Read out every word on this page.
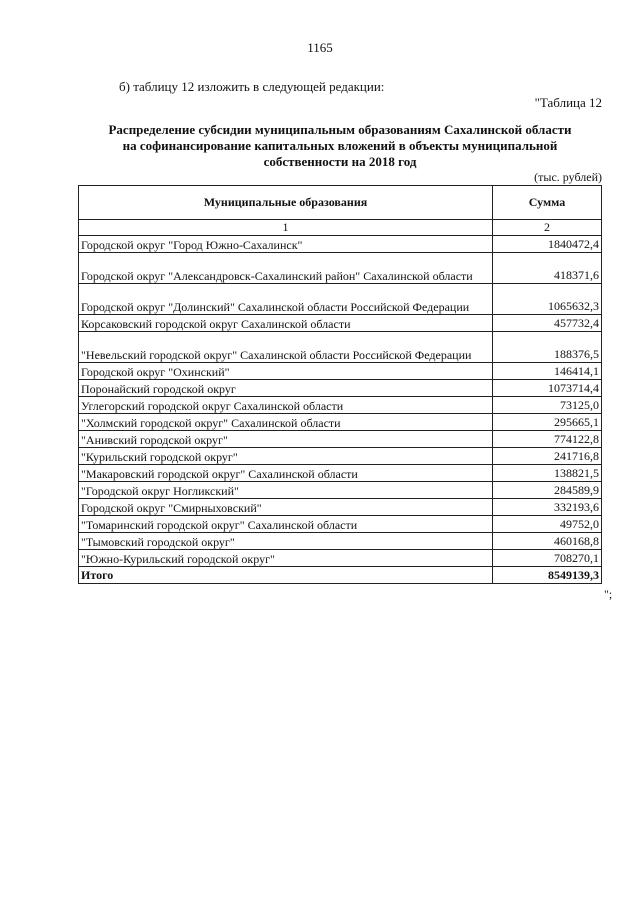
1165
б) таблицу 12 изложить в следующей редакции:
"Таблица 12
Распределение субсидии муниципальным образованиям Сахалинской области
на софинансирование капитальных вложений в объекты муниципальной
собственности на 2018 год
(тыс. рублей)
Муниципальные образования	Сумма
1	2
Городской округ "Город Южно-Сахалинск"	1840472,4
Городской округ "Александровск-Сахалинский район" Сахалинской области	418371,6
Городской округ "Долинский" Сахалинской области Российской Федерации	1065632,3
Корсаковский городской округ Сахалинской области	457732,4
"Невельский городской округ" Сахалинской области Российской Федерации	188376,5
Городской округ "Охинский"	146414,1
Поронайский городской округ	1073714,4
Углегорский городской округ Сахалинской области	73125,0
"Холмский городской округ" Сахалинской области	295665,1
"Анивский городской округ"	774122,8
"Курильский городской округ"	241716,8
"Макаровский городской округ" Сахалинской области	138821,5
"Городской округ Ногликский"	284589,9
Городской округ "Смирныховский"	332193,6
"Томаринский городской округ" Сахалинской области	49752,0
"Тымовский городской округ"	460168,8
"Южно-Курильский городской округ"	708270,1
Итого	8549139,3
";
